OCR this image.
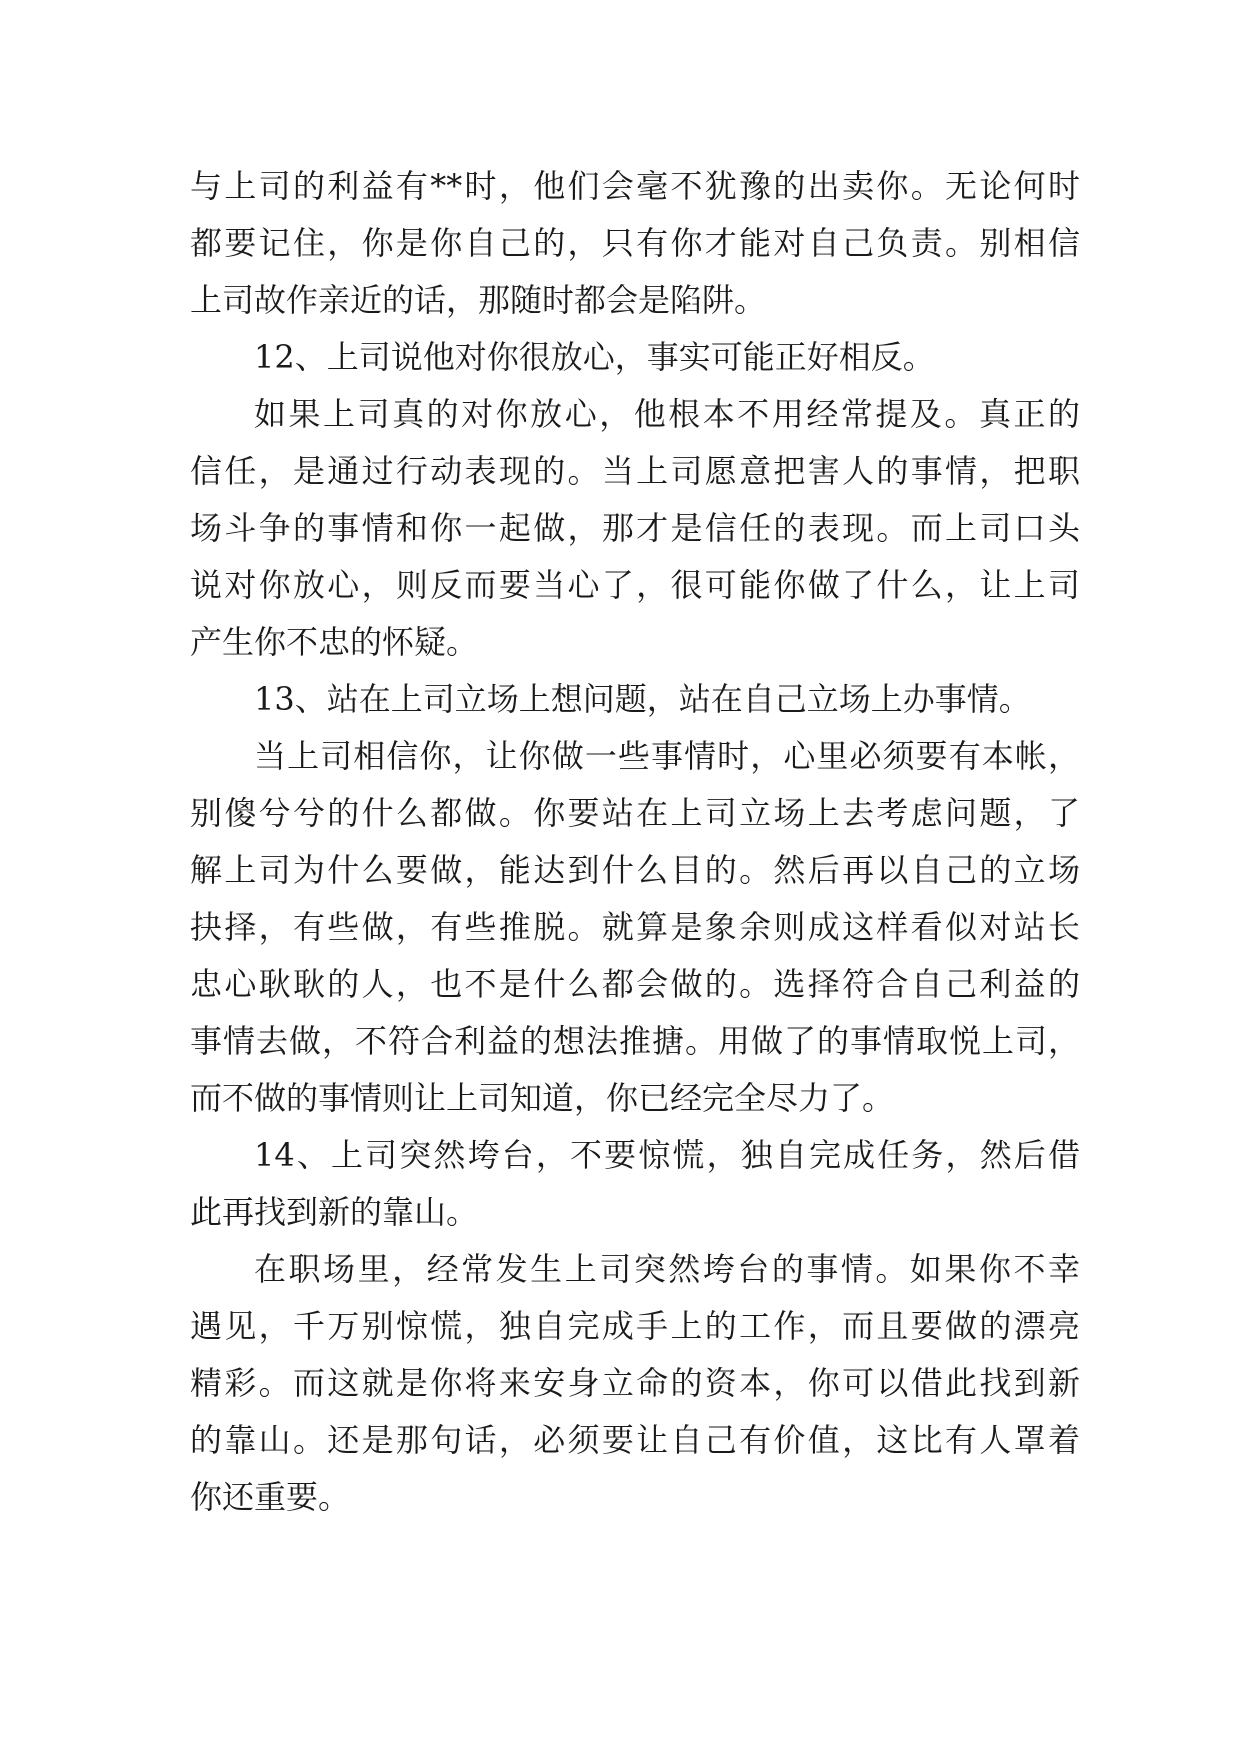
与上司的利益有**时，他们会毫不犹豫的出卖你。无论何时
都要记住，你是你自己的，只有你才能对自己负责。别相信
上司故作亲近的话，那随时都会是陷阱。
12、上司说他对你很放心，事实可能正好相反。
如果上司真的对你放心，他根本不用经常提及。真正的
信任，是通过行动表现的。当上司愿意把害人的事情，把职
场斗争的事情和你一起做，那才是信任的表现。而上司口头
说对你放心，则反而要当心了，很可能你做了什么，让上司
产生你不忠的怀疑。
13、站在上司立场上想问题，站在自己立场上办事情。
当上司相信你，让你做一些事情时，心里必须要有本帐，
别傻兮兮的什么都做。你要站在上司立场上去考虑问题，了
解上司为什么要做，能达到什么目的。然后再以自己的立场
抉择，有些做，有些推脱。就算是象余则成这样看似对站长
忠心耿耿的人，也不是什么都会做的。选择符合自己利益的
事情去做，不符合利益的想法推搪。用做了的事情取悦上司，
而不做的事情则让上司知道，你已经完全尽力了。
14、上司突然垮台，不要惊慌，独自完成任务，然后借
此再找到新的靠山。
在职场里，经常发生上司突然垮台的事情。如果你不幸
遇见，千万别惊慌，独自完成手上的工作，而且要做的漂亮
精彩。而这就是你将来安身立命的资本，你可以借此找到新
的靠山。还是那句话，必须要让自己有价值，这比有人罩着
你还重要。
